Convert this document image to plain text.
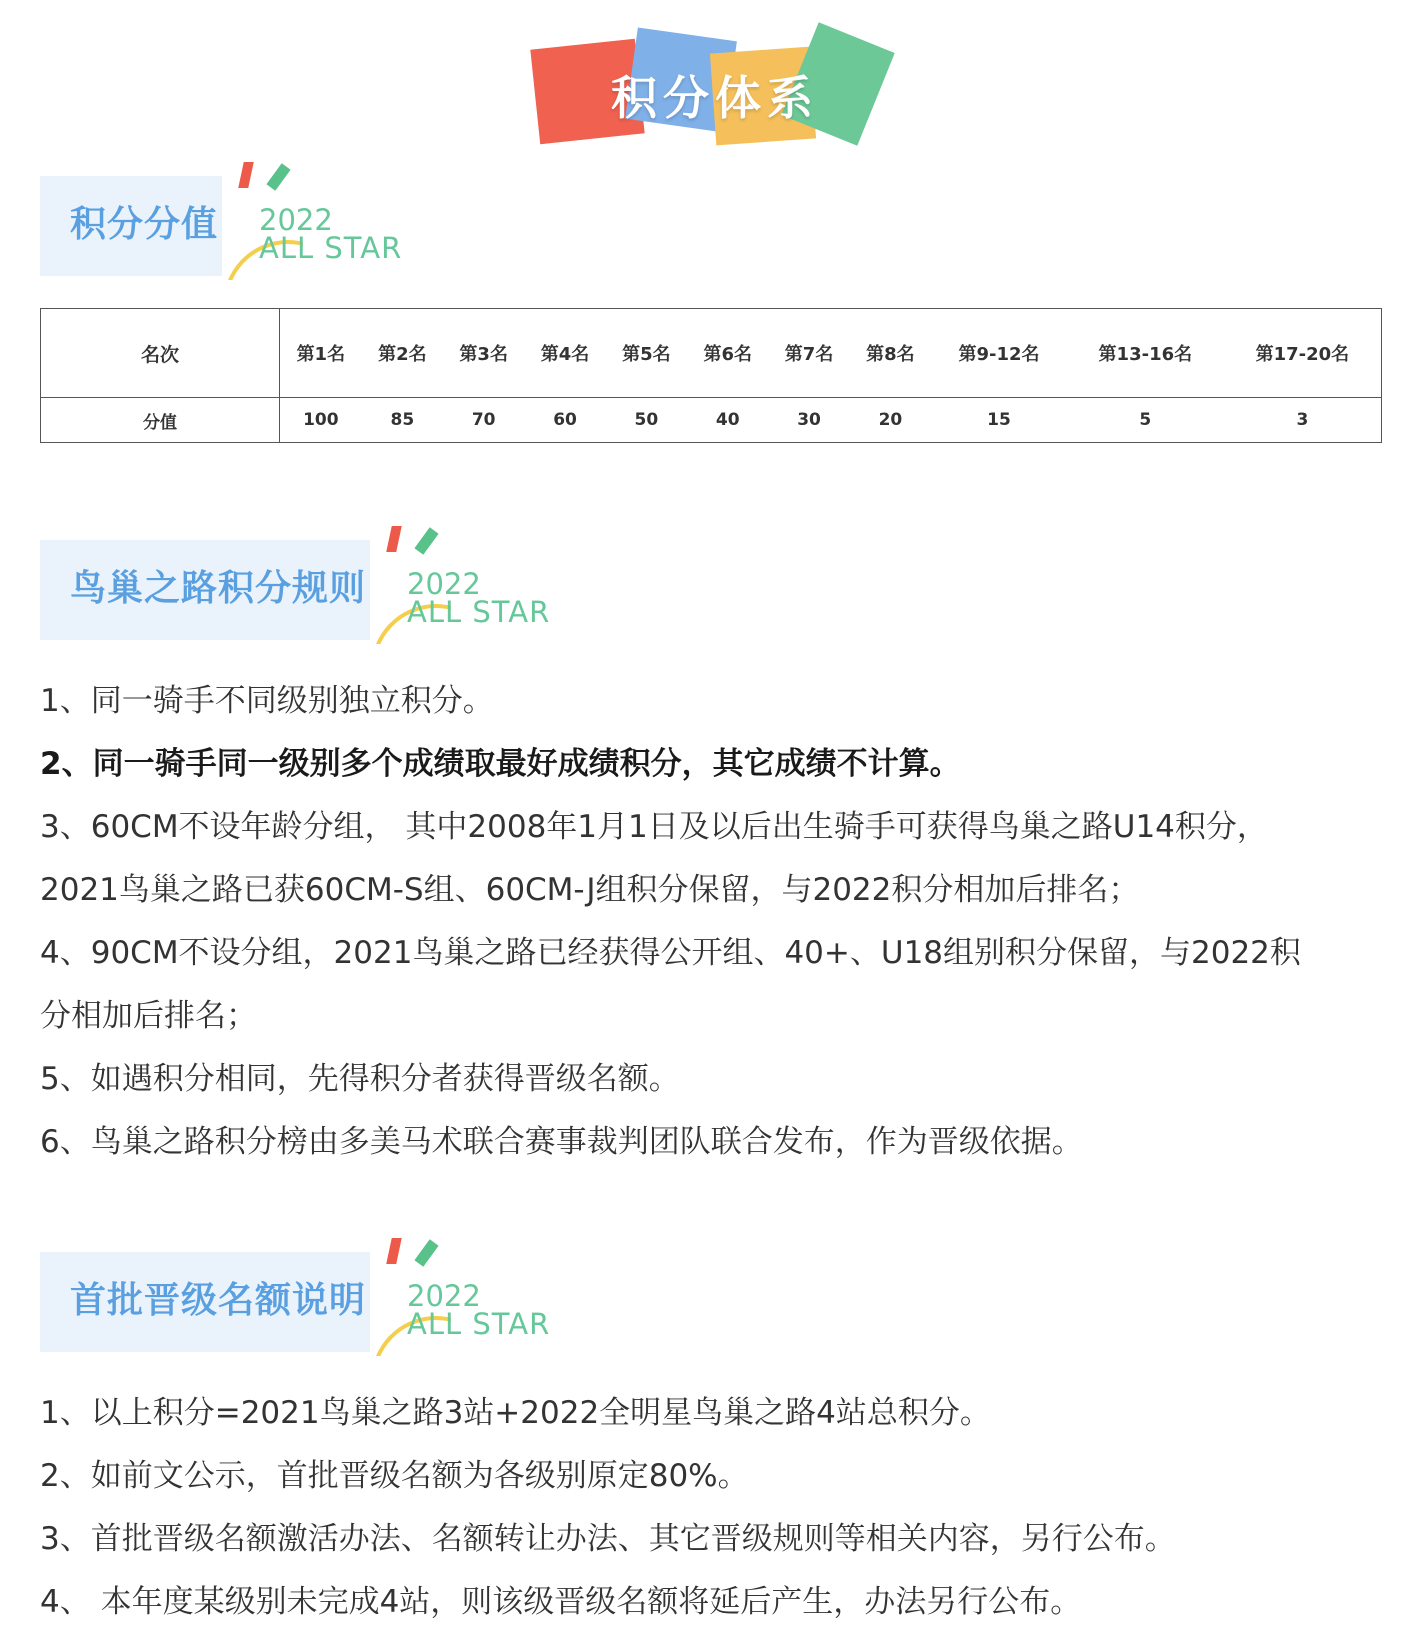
积分体系
积分分值 2022
ALL STAR
名次	第1名	第2名	第3名	第4名	第5名	第6名	第7名	第8名	第9-12名	第13-16名	第17-20名
分值	100	85	70	60	50	40	30	20	15	5	3
鸟巢之路积分规则 2022
ALL STAR

1、同一骑手不同级别独立积分。

2、同一骑手同一级别多个成绩取最好成绩积分，其它成绩不计算。

3、60CM不设年龄分组， 其中2008年1月1日及以后出生骑手可获得鸟巢之路U14积分，

2021鸟巢之路已获60CM-S组、60CM-J组积分保留，与2022积分相加后排名；

4、90CM不设分组，2021鸟巢之路已经获得公开组、40+、U18组别积分保留，与2022积

分相加后排名；

5、如遇积分相同，先得积分者获得晋级名额。

6、鸟巢之路积分榜由多美马术联合赛事裁判团队联合发布，作为晋级依据。

首批晋级名额说明 2022
ALL STAR

1、以上积分=2021鸟巢之路3站+2022全明星鸟巢之路4站总积分。

2、如前文公示，首批晋级名额为各级别原定80%。

3、首批晋级名额激活办法、名额转让办法、其它晋级规则等相关内容，另行公布。

4、 本年度某级别未完成4站，则该级晋级名额将延后产生，办法另行公布。
